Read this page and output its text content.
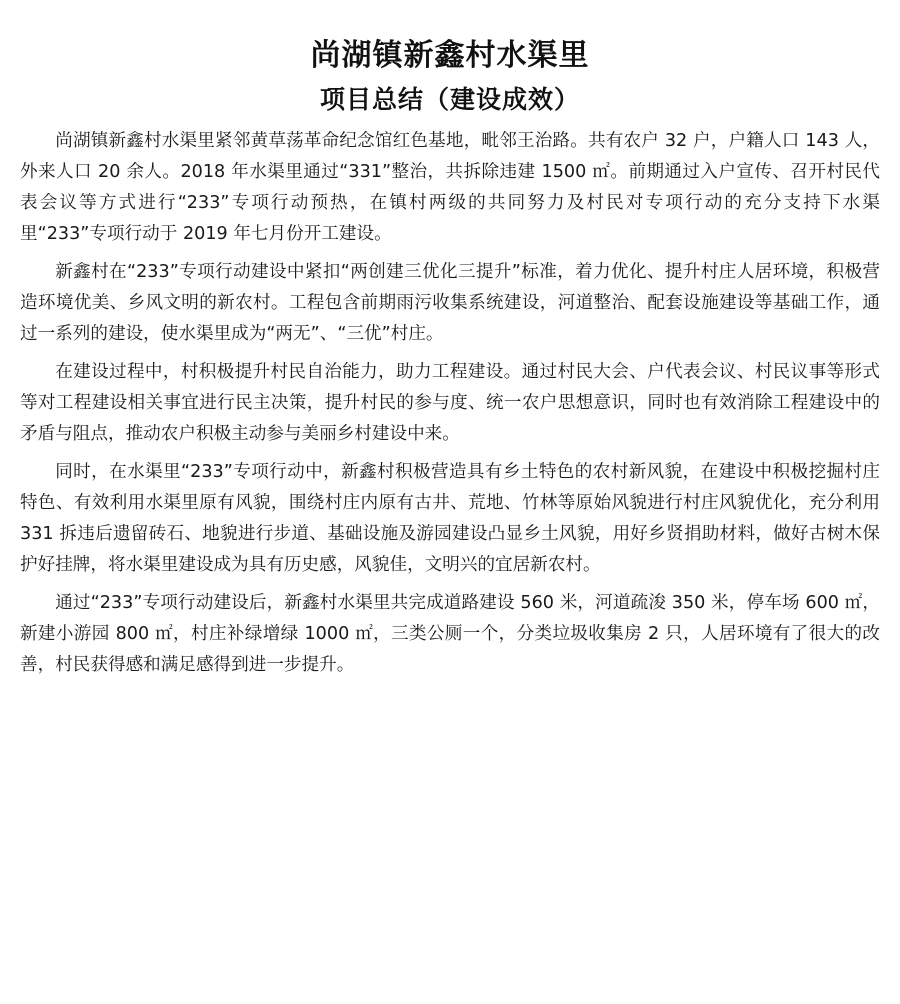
尚湖镇新鑫村水渠里
项目总结（建设成效）

尚湖镇新鑫村水渠里紧邻黄草荡革命纪念馆红色基地，毗邻王治路。共有农户 32 户，户籍人口 143 人，外来人口 20 余人。2018 年水渠里通过“331”整治，共拆除违建 1500 ㎡。前期通过入户宣传、召开村民代表会议等方式进行“233”专项行动预热，在镇村两级的共同努力及村民对专项行动的充分支持下水渠里“233”专项行动于 2019 年七月份开工建设。

新鑫村在“233”专项行动建设中紧扣“两创建三优化三提升”标准，着力优化、提升村庄人居环境，积极营造环境优美、乡风文明的新农村。工程包含前期雨污收集系统建设，河道整治、配套设施建设等基础工作，通过一系列的建设，使水渠里成为“两无”、“三优”村庄。

在建设过程中，村积极提升村民自治能力，助力工程建设。通过村民大会、户代表会议、村民议事等形式等对工程建设相关事宜进行民主决策，提升村民的参与度、统一农户思想意识，同时也有效消除工程建设中的矛盾与阻点，推动农户积极主动参与美丽乡村建设中来。

同时，在水渠里“233”专项行动中，新鑫村积极营造具有乡土特色的农村新风貌，在建设中积极挖掘村庄特色、有效利用水渠里原有风貌，围绕村庄内原有古井、荒地、竹林等原始风貌进行村庄风貌优化，充分利用 331 拆违后遗留砖石、地貌进行步道、基础设施及游园建设凸显乡土风貌，用好乡贤捐助材料，做好古树木保护好挂牌，将水渠里建设成为具有历史感，风貌佳，文明兴的宜居新农村。

通过“233”专项行动建设后，新鑫村水渠里共完成道路建设 560 米，河道疏浚 350 米，停车场 600 ㎡，新建小游园 800 ㎡，村庄补绿增绿 1000 ㎡，三类公厕一个，分类垃圾收集房 2 只，人居环境有了很大的改善，村民获得感和满足感得到进一步提升。
